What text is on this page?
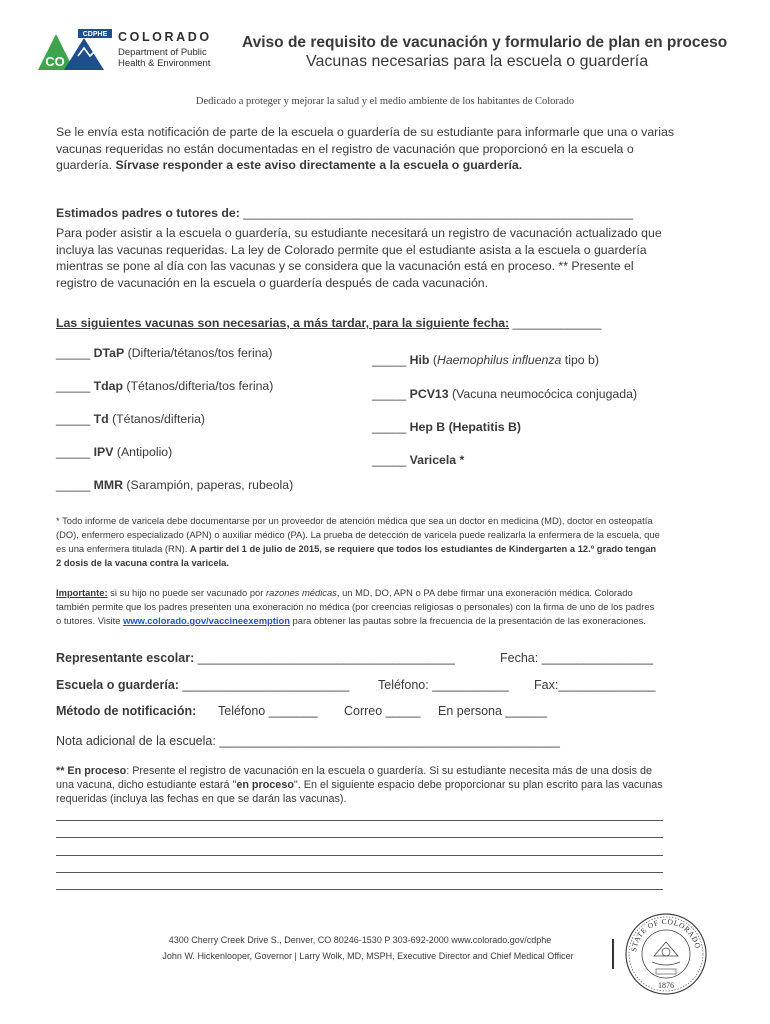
CDPHE
CO
COLORADO
Department of Public
Health & Environment
Aviso de requisito de vacunación y formulario de plan en proceso
Vacunas necesarias para la escuela o guardería
Dedicado a proteger y mejorar la salud y el medio ambiente de los habitantes de Colorado
Se le envía esta notificación de parte de la escuela o guardería de su estudiante para informarle que una o varias vacunas requeridas no están documentadas en el registro de vacunación que proporcionó en la escuela o guardería. Sírvase responder a este aviso directamente a la escuela o guardería.
Estimados padres o tutores de: _________________________________________________________
Para poder asistir a la escuela o guardería, su estudiante necesitará un registro de vacunación actualizado que incluya las vacunas requeridas. La ley de Colorado permite que el estudiante asista a la escuela o guardería mientras se pone al día con las vacunas y se considera que la vacunación está en proceso. ** Presente el registro de vacunación en la escuela o guardería después de cada vacunación.
Las siguientes vacunas son necesarias, a más tardar, para la siguiente fecha: _____________
_____ DTaP (Difteria/tétanos/tos ferina)
_____ Tdap (Tétanos/difteria/tos ferina)
_____ Td (Tétanos/difteria)
_____ IPV (Antipolio)
_____ MMR (Sarampión, paperas, rubeola)
_____ Hib (Haemophilus influenza tipo b)
_____ PCV13 (Vacuna neumocócica conjugada)
_____ Hep B (Hepatitis B)
_____ Varicela *
* Todo informe de varicela debe documentarse por un proveedor de atención médica que sea un doctor en medicina (MD), doctor en osteopatía (DO), enfermero especializado (APN) o auxiliar médico (PA). La prueba de detección de varicela puede realizarla la enfermera de la escuela, que es una enfermera titulada (RN). A partir del 1 de julio de 2015, se requiere que todos los estudiantes de Kindergarten a 12.º grado tengan 2 dosis de la vacuna contra la varicela.
Importante: si su hijo no puede ser vacunado por razones médicas, un MD, DO, APN o PA debe firmar una exoneración médica. Colorado también permite que los padres presenten una exoneración no médica (por creencias religiosas o personales) con la firma de uno de los padres o tutores. Visite www.colorado.gov/vaccineexemption para obtener las pautas sobre la frecuencia de la presentación de las exoneraciones.
Representante escolar: _____________________________________	Fecha: ________________
Escuela o guardería: ________________________ Teléfono: ___________ Fax:______________
Método de notificación: Teléfono _______ Correo _____ En persona ______
Nota adicional de la escuela: _________________________________________________
** En proceso: Presente el registro de vacunación en la escuela o guardería. Si su estudiante necesita más de una dosis de una vacuna, dicho estudiante estará "en proceso". En el siguiente espacio debe proporcionar su plan escrito para las vacunas requeridas (incluya las fechas en que se darán las vacunas).
4300 Cherry Creek Drive S., Denver, CO 80246-1530 P 303-692-2000 www.colorado.gov/cdphe
John W. Hickenlooper, Governor | Larry Wolk, MD, MSPH, Executive Director and Chief Medical Officer
STATE OF COLORADO
1876
